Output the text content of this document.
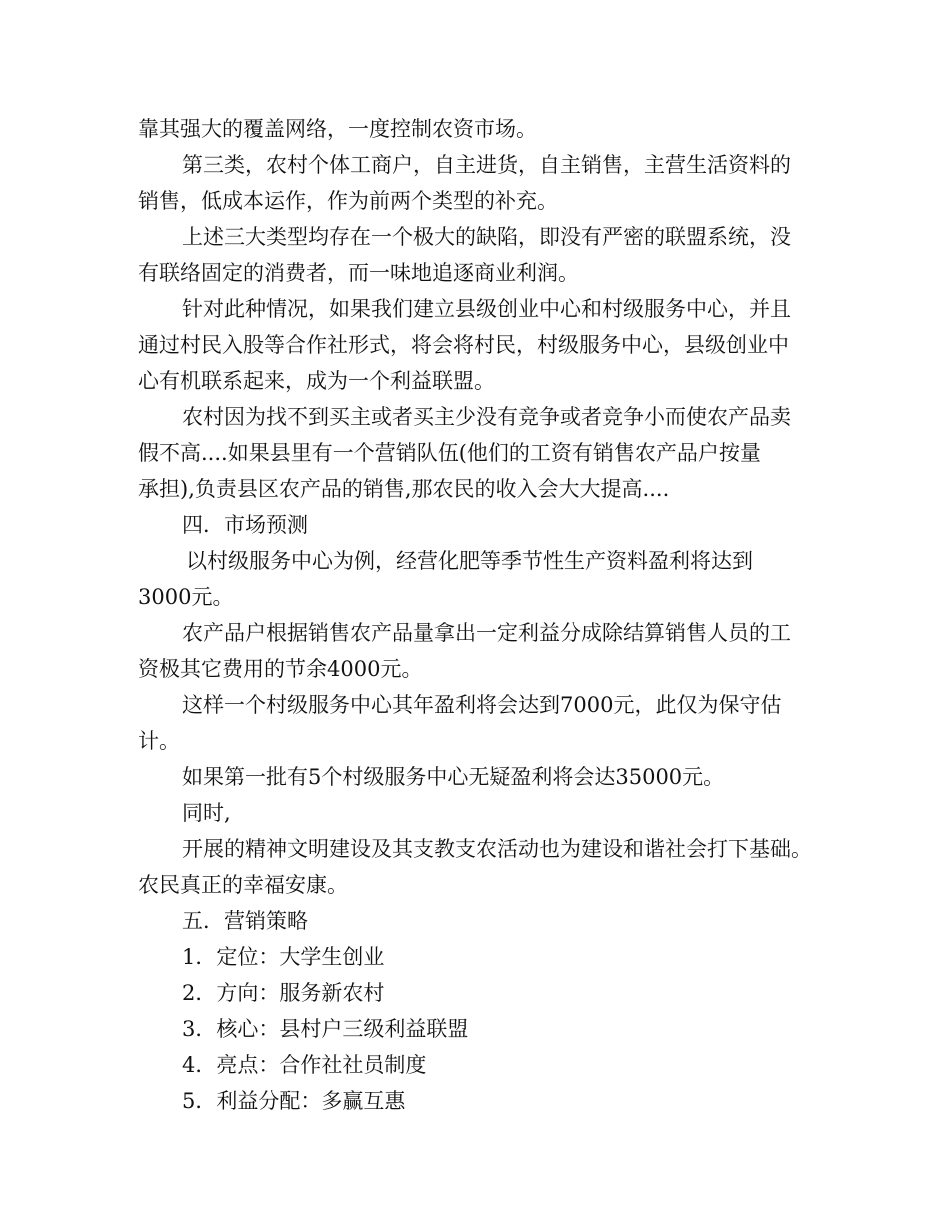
靠其强大的覆盖网络，一度控制农资市场。
第三类，农村个体工商户，自主进货，自主销售，主营生活资料的
销售，低成本运作，作为前两个类型的补充。
上述三大类型均存在一个极大的缺陷，即没有严密的联盟系统，没
有联络固定的消费者，而一味地追逐商业利润。
针对此种情况，如果我们建立县级创业中心和村级服务中心，并且
通过村民入股等合作社形式，将会将村民，村级服务中心，县级创业中
心有机联系起来，成为一个利益联盟。
农村因为找不到买主或者买主少没有竞争或者竞争小而使农产品卖
假不高....如果县里有一个营销队伍(他们的工资有销售农产品户按量
承担),负责县区农产品的销售,那农民的收入会大大提高....
四．市场预测
以村级服务中心为例，经营化肥等季节性生产资料盈利将达到
3000元。
农产品户根据销售农产品量拿出一定利益分成除结算销售人员的工
资极其它费用的节余4000元。
这样一个村级服务中心其年盈利将会达到7000元，此仅为保守估
计。
如果第一批有5个村级服务中心无疑盈利将会达35000元。
同时,
开展的精神文明建设及其支教支农活动也为建设和谐社会打下基础。
农民真正的幸福安康。
五．营销策略
1．定位：大学生创业
2．方向：服务新农村
3．核心：县村户三级利益联盟
4．亮点：合作社社员制度
5．利益分配：多赢互惠
